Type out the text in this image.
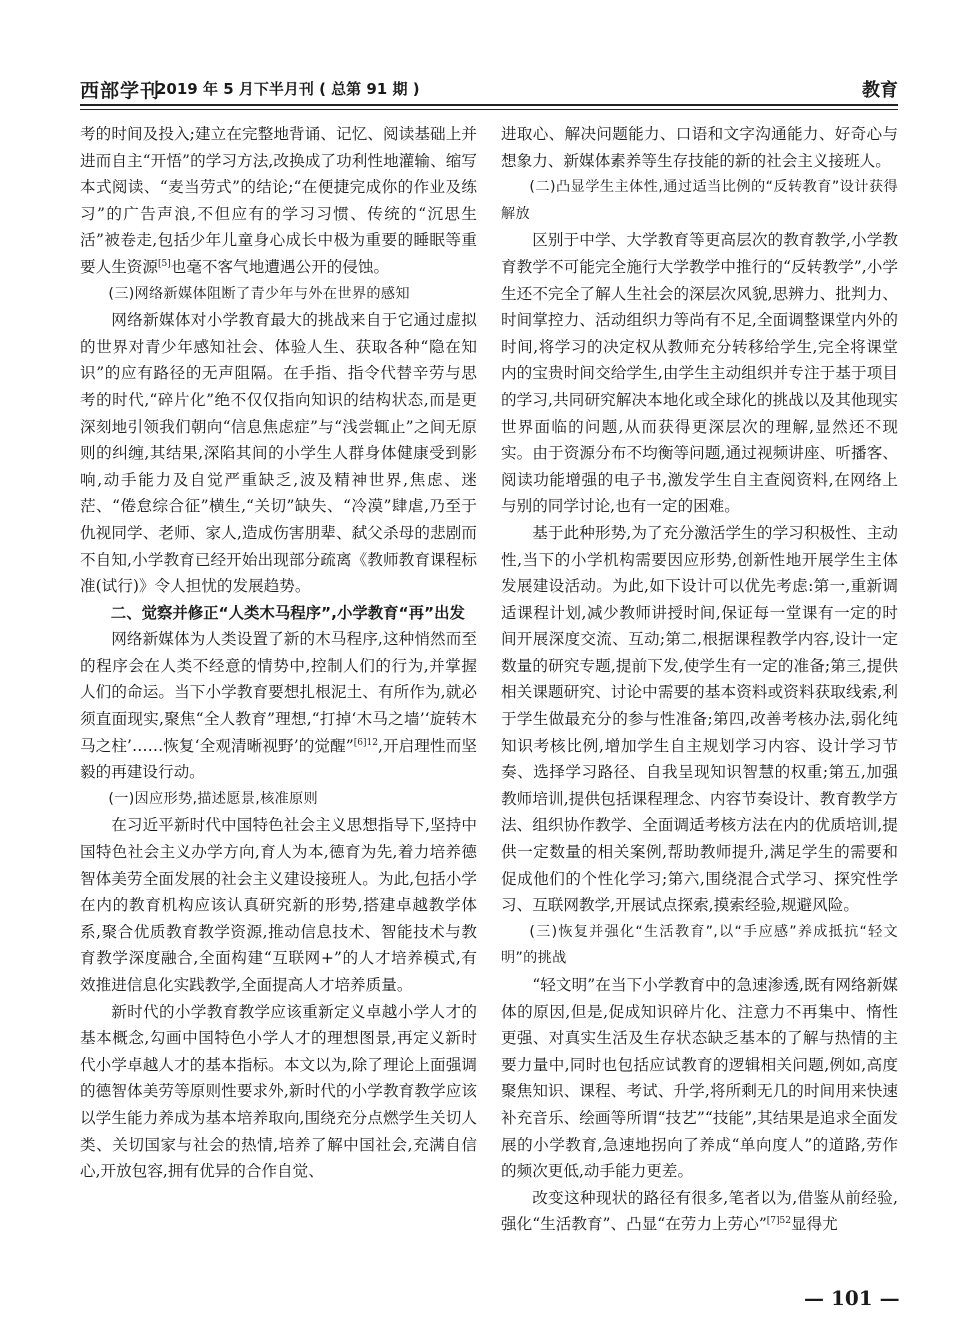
西部学刊
2019 年 5 月下半月刊 ( 总第 91 期 )	教育

考的时间及投入;建立在完整地背诵、记忆、阅读基础上并进而自主“开悟”的学习方法,改换成了功利性地灌输、缩写本式阅读、“麦当劳式”的结论;“在便捷完成你的作业及练习”的广告声浪,不但应有的学习习惯、传统的“沉思生活”被卷走,包括少年儿童身心成长中极为重要的睡眠等重要人生资源[5]也毫不客气地遭遇公开的侵蚀。

(三)网络新媒体阻断了青少年与外在世界的感知

网络新媒体对小学教育最大的挑战来自于它通过虚拟的世界对青少年感知社会、体验人生、获取各种“隐在知识”的应有路径的无声阻隔。在手指、指令代替辛劳与思考的时代,“碎片化”绝不仅仅指向知识的结构状态,而是更深刻地引领我们朝向“信息焦虑症”与“浅尝辄止”之间无原则的纠缠,其结果,深陷其间的小学生人群身体健康受到影响,动手能力及自觉严重缺乏,波及精神世界,焦虑、迷茫、“倦怠综合征”横生,“关切”缺失、“冷漠”肆虐,乃至于仇视同学、老师、家人,造成伤害朋辈、弑父杀母的悲剧而不自知,小学教育已经开始出现部分疏离《教师教育课程标准(试行)》令人担忧的发展趋势。

二、觉察并修正“人类木马程序”,小学教育“再”出发

网络新媒体为人类设置了新的木马程序,这种悄然而至的程序会在人类不经意的情势中,控制人们的行为,并掌握人们的命运。当下小学教育要想扎根泥土、有所作为,就必须直面现实,聚焦“全人教育”理想,“打掉‘木马之墙’‘旋转木马之柱’……恢复‘全观清晰视野’的觉醒”$^{[6]12}$,开启理性而坚毅的再建设行动。

(一)因应形势,描述愿景,核准原则

在习近平新时代中国特色社会主义思想指导下,坚持中国特色社会主义办学方向,育人为本,德育为先,着力培养德智体美劳全面发展的社会主义建设接班人。为此,包括小学在内的教育机构应该认真研究新的形势,搭建卓越教学体系,聚合优质教育教学资源,推动信息技术、智能技术与教育教学深度融合,全面构建“互联网+”的人才培养模式,有效推进信息化实践教学,全面提高人才培养质量。

新时代的小学教育教学应该重新定义卓越小学人才的基本概念,勾画中国特色小学人才的理想图景,再定义新时代小学卓越人才的基本指标。本文以为,除了理论上面强调的德智体美劳等原则性要求外,新时代的小学教育教学应该以学生能力养成为基本培养取向,围绕充分点燃学生关切人类、关切国家与社会的热情,培养了解中国社会,充满自信心,开放包容,拥有优异的合作自觉、

进取心、解决问题能力、口语和文字沟通能力、好奇心与想象力、新媒体素养等生存技能的新的社会主义接班人。

(二)凸显学生主体性,通过适当比例的“反转教育”设计获得解放

区别于中学、大学教育等更高层次的教育教学,小学教育教学不可能完全施行大学教学中推行的“反转教学”,小学生还不完全了解人生社会的深层次风貌,思辨力、批判力、时间掌控力、活动组织力等尚有不足,全面调整课堂内外的时间,将学习的决定权从教师充分转移给学生,完全将课堂内的宝贵时间交给学生,由学生主动组织并专注于基于项目的学习,共同研究解决本地化或全球化的挑战以及其他现实世界面临的问题,从而获得更深层次的理解,显然还不现实。由于资源分布不均衡等问题,通过视频讲座、听播客、阅读功能增强的电子书,激发学生自主查阅资料,在网络上与别的同学讨论,也有一定的困难。

基于此种形势,为了充分激活学生的学习积极性、主动性,当下的小学机构需要因应形势,创新性地开展学生主体发展建设活动。为此,如下设计可以优先考虑:第一,重新调适课程计划,减少教师讲授时间,保证每一堂课有一定的时间开展深度交流、互动;第二,根据课程教学内容,设计一定数量的研究专题,提前下发,使学生有一定的准备;第三,提供相关课题研究、讨论中需要的基本资料或资料获取线索,利于学生做最充分的参与性准备;第四,改善考核办法,弱化纯知识考核比例,增加学生自主规划学习内容、设计学习节奏、选择学习路径、自我呈现知识智慧的权重;第五,加强教师培训,提供包括课程理念、内容节奏设计、教育教学方法、组织协作教学、全面调适考核方法在内的优质培训,提供一定数量的相关案例,帮助教师提升,满足学生的需要和促成他们的个性化学习;第六,围绕混合式学习、探究性学习、互联网教学,开展试点探索,摸索经验,规避风险。

(三)恢复并强化“生活教育”,以“手应感”养成抵抗“轻文明”的挑战

“轻文明”在当下小学教育中的急速渗透,既有网络新媒体的原因,但是,促成知识碎片化、注意力不再集中、惰性更强、对真实生活及生存状态缺乏基本的了解与热情的主要力量中,同时也包括应试教育的逻辑相关问题,例如,高度聚焦知识、课程、考试、升学,将所剩无几的时间用来快速补充音乐、绘画等所谓“技艺”“技能”,其结果是追求全面发展的小学教育,急速地拐向了养成“单向度人”的道路,劳作的频次更低,动手能力更差。

改变这种现状的路径有很多,笔者以为,借鉴从前经验,强化“生活教育”、凸显“在劳力上劳心”$^{[7]52}$显得尤

— 101 —
